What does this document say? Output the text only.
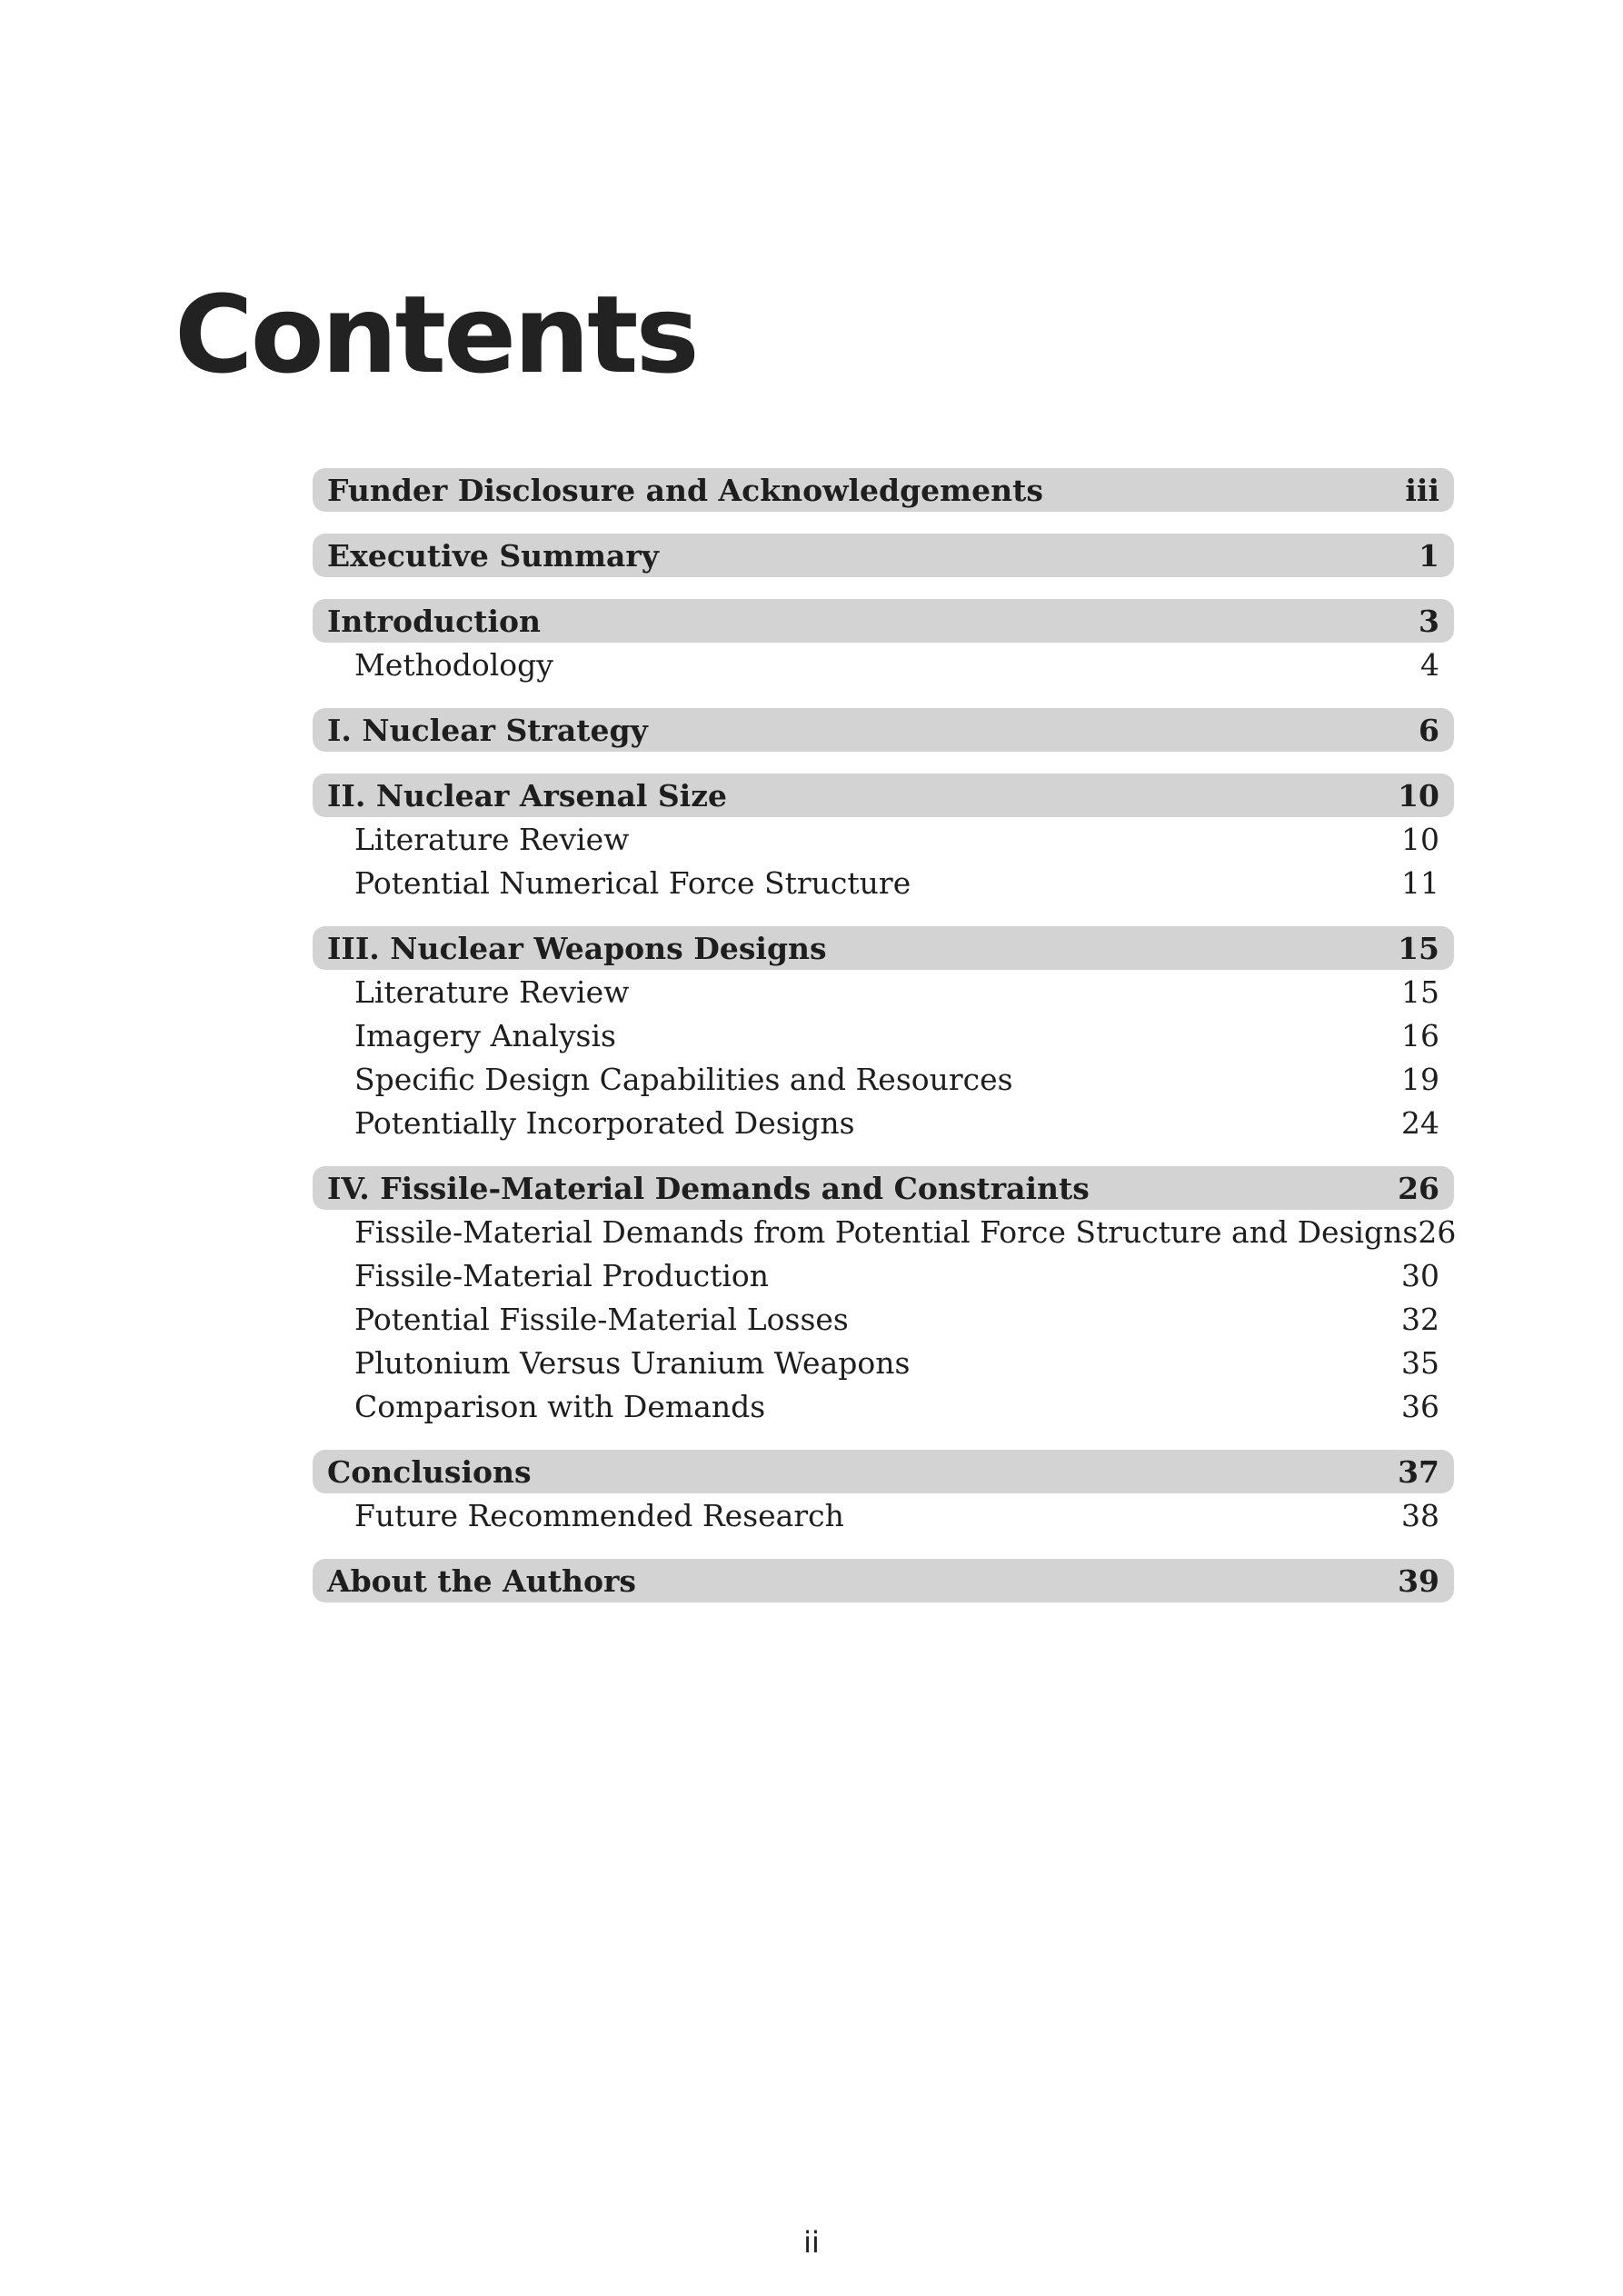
Contents
Funder Disclosure and Acknowledgements	iii
Executive Summary	1
Introduction	3
Methodology	4
I. Nuclear Strategy	6
II. Nuclear Arsenal Size	10
Literature Review	10
Potential Numerical Force Structure	11
III. Nuclear Weapons Designs	15
Literature Review	15
Imagery Analysis	16
Specific Design Capabilities and Resources	19
Potentially Incorporated Designs	24
IV. Fissile-Material Demands and Constraints	26
Fissile-Material Demands from Potential Force Structure and Designs 26
Fissile-Material Production	30
Potential Fissile-Material Losses	32
Plutonium Versus Uranium Weapons	35
Comparison with Demands	36
Conclusions	37
Future Recommended Research	38
About the Authors	39
ii
